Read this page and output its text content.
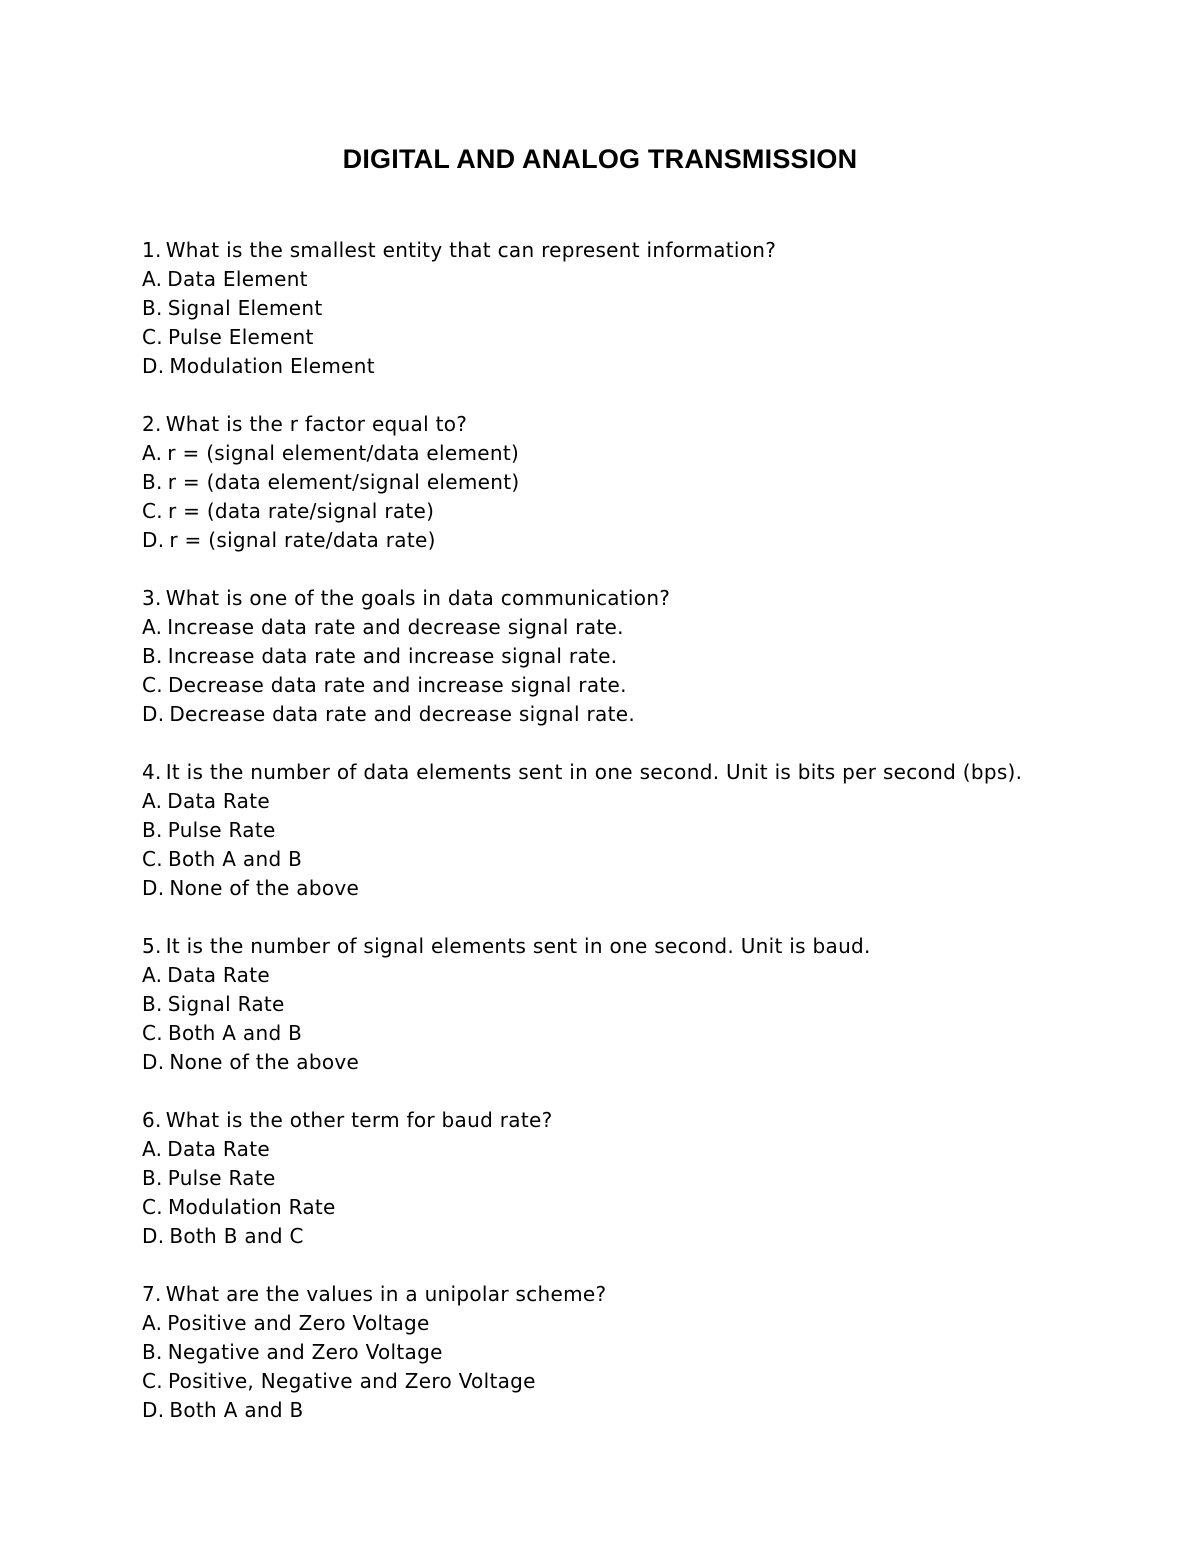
DIGITAL AND ANALOG TRANSMISSION

1. What is the smallest entity that can represent information?

A. Data Element

B. Signal Element

C. Pulse Element

D. Modulation Element

2. What is the r factor equal to?

A. r = (signal element/data element)

B. r = (data element/signal element)

C. r = (data rate/signal rate)

D. r = (signal rate/data rate)

3. What is one of the goals in data communication?

A. Increase data rate and decrease signal rate.

B. Increase data rate and increase signal rate.

C. Decrease data rate and increase signal rate.

D. Decrease data rate and decrease signal rate.

4. It is the number of data elements sent in one second. Unit is bits per second (bps).

A. Data Rate

B. Pulse Rate

C. Both A and B

D. None of the above

5. It is the number of signal elements sent in one second. Unit is baud.

A. Data Rate

B. Signal Rate

C. Both A and B

D. None of the above

6. What is the other term for baud rate?

A. Data Rate

B. Pulse Rate

C. Modulation Rate

D. Both B and C

7. What are the values in a unipolar scheme?

A. Positive and Zero Voltage

B. Negative and Zero Voltage

C. Positive, Negative and Zero Voltage

D. Both A and B
